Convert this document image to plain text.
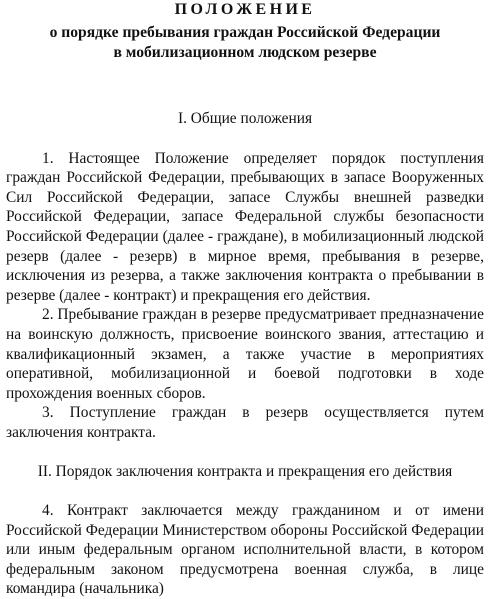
ПОЛОЖЕНИЕ
о порядке пребывания граждан Российской Федерации
в мобилизационном людском резерве

I. Общие положения

1. Настоящее Положение определяет порядок поступления граждан Российской Федерации, пребывающих в запасе Вооруженных Сил Российской Федерации, запасе Службы внешней разведки Российской Федерации, запасе Федеральной службы безопасности Российской Федерации (далее - граждане), в мобилизационный людской резерв (далее - резерв) в мирное время, пребывания в резерве, исключения из резерва, а также заключения контракта о пребывании в резерве (далее - контракт) и прекращения его действия.

2. Пребывание граждан в резерве предусматривает предназначение на воинскую должность, присвоение воинского звания, аттестацию и квалификационный экзамен, а также участие в мероприятиях оперативной, мобилизационной и боевой подготовки в ходе прохождения военных сборов.

3. Поступление граждан в резерв осуществляется путем заключения контракта.

II. Порядок заключения контракта и прекращения его действия

4. Контракт заключается между гражданином и от имени Российской Федерации Министерством обороны Российской Федерации или иным федеральным органом исполнительной власти, в котором федеральным законом предусмотрена военная служба, в лице командира (начальника)
